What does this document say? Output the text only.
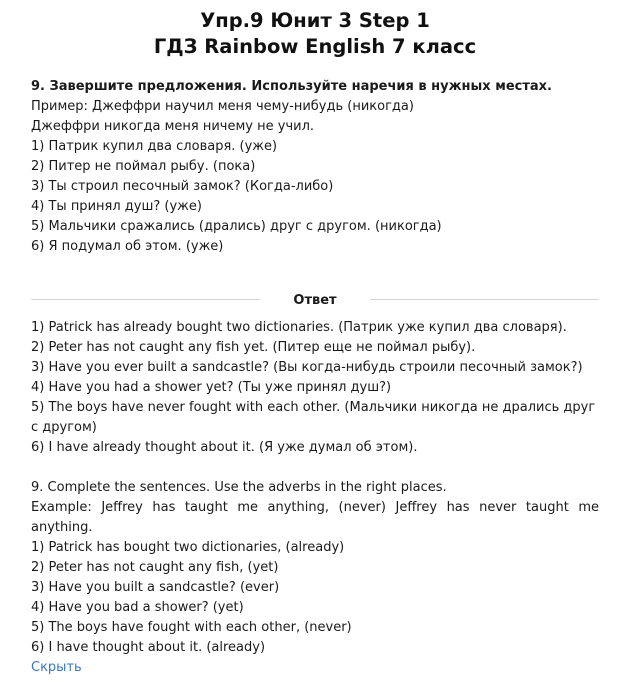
Упр.9 Юнит 3 Step 1
ГДЗ Rainbow English 7 класс
9. Завершите предложения. Используйте наречия в нужных местах.
Пример: Джеффри научил меня чему-нибудь (никогда)
Джеффри никогда меня ничему не учил.
1) Патрик купил два словаря. (уже)
2) Питер не поймал рыбу. (пока)
3) Ты строил песочный замок? (Когда-либо)
4) Ты принял душ? (уже)
5) Мальчики сражались (дрались) друг с другом. (никогда)
6) Я подумал об этом. (уже)
Ответ
1) Patrick has already bought two dictionaries. (Патрик уже купил два словаря).
2) Peter has not caught any fish yet. (Питер еще не поймал рыбу).
3) Have you ever built a sandcastle? (Вы когда-нибудь строили песочный замок?)
4) Have you had a shower yet? (Ты уже принял душ?)
5) The boys have never fought with each other. (Мальчики никогда не дрались друг с другом)
6) I have already thought about it. (Я уже думал об этом).
9. Complete the sentences. Use the adverbs in the right places.
Example: Jeffrey has taught me anything, (never) Jeffrey has never taught me anything.
1) Patrick has bought two dictionaries, (already)
2) Peter has not caught any fish, (yet)
3) Have you built a sandcastle? (ever)
4) Have you bad a shower? (yet)
5) The boys have fought with each other, (never)
6) I have thought about it. (already)
Скрыть
